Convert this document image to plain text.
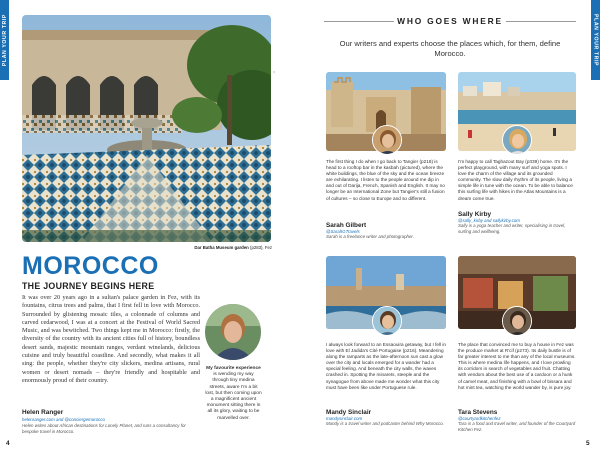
PLAN YOUR TRIP	PLAN YOUR TRIP
©
Dar Batha Museum garden (p283), Fez
MOROCCO
THE JOURNEY BEGINS HERE
It was over 20 years ago in a sultan's palace garden in Fez, with its fountains, citrus trees and palms, that I first fell in love with Morocco. Surrounded by glistening mosaic tiles, a colonnade of columns and carved cedarwood, I was at a concert at the Festival of World Sacred Music, and was bewitched. Two things kept me in Morocco: firstly, the diversity of the country with its ancient cities full of history, boundless desert sands, majestic mountain ranges, verdant winelands, delicious cuisine and truly beautiful coastline. And secondly, what makes it all sing: the people, whether they're city slickers, medina artisans, rural women or desert nomads – they're friendly and hospitable and enormously proud of their country.
Helen Ranger
helenranger.com and @conciergemorocco
Helen writes about African destinations for Lonely Planet, and runs a consultancy for bespoke travel in Morocco.
My favourite experience is wending my way through tiny medina streets, aware I'm a bit lost, but then coming upon a magnificent ancient monument sitting there in all its glory, waiting to be marvelled over.
4
WHO GOES WHERE
Our writers and experts choose the places which, for them, define Morocco.
The first thing I do when I go back to Tangier (p218) is head to a rooftop bar in the kasbah (pictured), where the white buildings, the blue of the sky and the ocean breeze are exhilarating. I listen to the people around me dip in and out of Darija, French, Spanish and English. It may no longer be an International Zone but Tangier's still a fusion of cultures – so close to Europe and so different.
Sarah Gilbert
@SarahGTravels
Sarah is a freelance writer and photographer.
I'm happy to call Taghazout Bay (p339) home. It's the perfect playground, with many surf and yoga spots. I love the charm of the village and its grounded community. The slow daily rhythm of its people, living a simple life in tune with the ocean. To be able to balance this surfing life with hikes in the Atlas Mountains is a dream come true.
Sally Kirby
@sally_kirby and sallykirby.com
Sally is a yoga teacher and writer, specialising in travel, surfing and wellbeing.
I always look forward to an Essaouira getaway, but I fell in love with El Jadida's Cité Portugaise (p216). Meandering along the ramparts as the late-afternoon sun cast a glow over the city and locals emerged for a wander had a special feeling. And beneath the city walls, the waves crashed in. Spotting the minarets, steeple and the synagogue from above made me wonder what this city must have been like under Portuguese rule.
Mandy Sinclair
mandysinclair.com
Mandy is a travel writer and podcaster behind Why Morocco.
The place that convinced me to buy a house in Fez was the produce market at R'cif (p273). Its daily bustle is of far greater interest to me than any of the local museums. This is where medina life happens, and I love prowling its corridors in search of vegetables and fruit. Chatting with vendors about the best use of a cardoon or a hunk of camel meat, and finishing with a bowl of bissara and hot mint tea, watching the world wander by, is pure joy.
Tara Stevens
@courtyardkitchenfez
Tara is a food and travel writer, and founder of the Courtyard Kitchen Fez.
5
